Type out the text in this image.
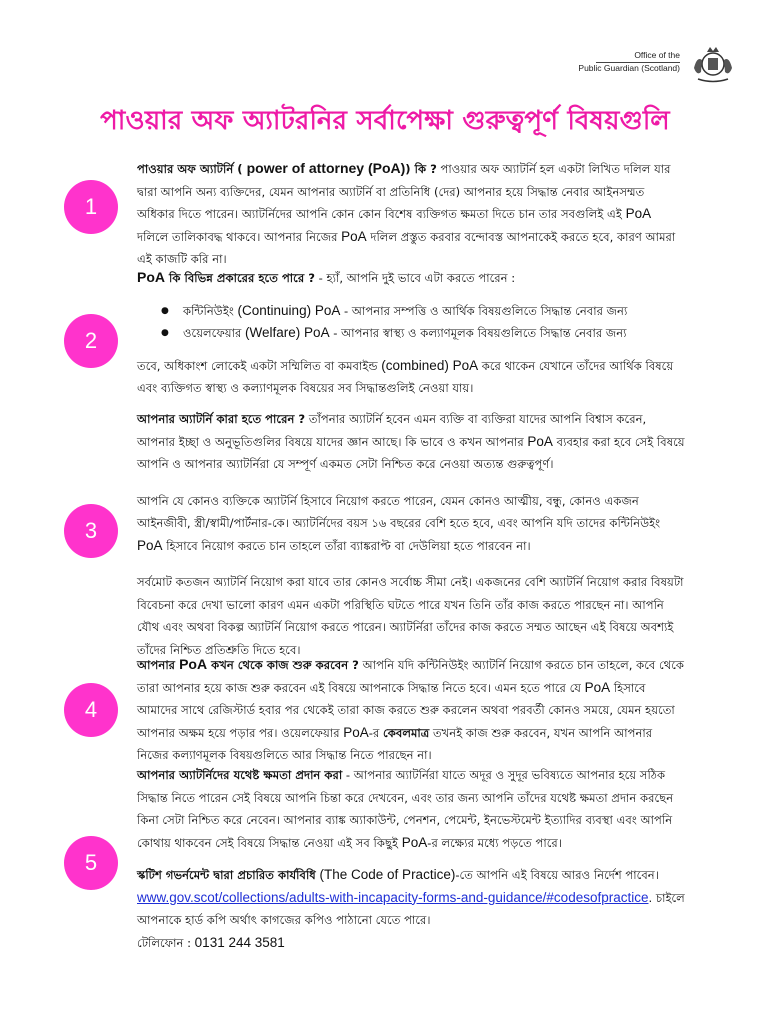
Office of the
Public Guardian (Scotland)
পাওয়ার অফ অ্যাটরনির সর্বাপেক্ষা গুরুত্বপূর্ণ বিষয়গুলি
1
2
3
4
5

পাওয়ার অফ অ্যাটর্নি ( power of attorney (PoA)) কি ? পাওয়ার অফ অ্যাটর্নি হল একটা লিখিত দলিল যার দ্বারা আপনি অন্য ব্যক্তিদের, যেমন আপনার অ্যাটর্নি বা প্রতিনিধি (দের) আপনার হয়ে সিদ্ধান্ত নেবার আইনসম্মত অধিকার দিতে পারেন। অ্যাটর্নিদের আপনি কোন কোন বিশেষ ব্যক্তিগত ক্ষমতা দিতে চান তার সবগুলিই এই PoA দলিলে তালিকাবদ্ধ থাকবে। আপনার নিজের PoA দলিল প্রস্তুত করবার বন্দোবস্ত আপনাকেই করতে হবে, কারণ আমরা এই কাজটি করি না।

PoA কি বিভিন্ন প্রকারের হতে পারে ? - হ্যাঁ, আপনি দুই ভাবে এটা করতে পারেন :

● কন্টিনিউইং (Continuing) PoA - আপনার সম্পত্তি ও আর্থিক বিষয়গুলিতে সিদ্ধান্ত নেবার জন্য
● ওয়েলফেয়ার (Welfare) PoA - আপনার স্বাস্থ্য ও কল্যাণমূলক বিষয়গুলিতে সিদ্ধান্ত নেবার জন্য

তবে, অধিকাংশ লোকেই একটা সম্মিলিত বা কমবাইন্ড (combined) PoA করে থাকেন যেখানে তাঁদের আর্থিক বিষয়ে এবং ব্যক্তিগত স্বাস্থ্য ও কল্যাণমূলক বিষয়ের সব সিদ্ধান্তগুলিই নেওয়া যায়।

আপনার অ্যাটর্নি কারা হতে পারেন ? তাঁপনার অ্যাটর্নি হবেন এমন ব্যক্তি বা ব্যক্তিরা যাদের আপনি বিশ্বাস করেন, আপনার ইচ্ছা ও অনুভূতিগুলির বিষয়ে যাদের জ্ঞান আছে। কি ভাবে ও কখন আপনার PoA ব্যবহার করা হবে সেই বিষয়ে আপনি ও আপনার অ্যাটর্নিরা যে সম্পূর্ণ একমত সেটা নিশ্চিত করে নেওয়া অত্যন্ত গুরুত্বপূর্ণ।

আপনি যে কোনও ব্যক্তিকে অ্যাটর্নি হিসাবে নিয়োগ করতে পারেন, যেমন কোনও আত্মীয়, বন্ধু, কোনও একজন আইনজীবী, স্ত্রী/স্বামী/পার্টনার-কে। অ্যাটর্নিদের বয়স ১৬ বছরের বেশি হতে হবে, এবং আপনি যদি তাদের কন্টিনিউইং PoA হিসাবে নিয়োগ করতে চান তাহলে তাঁরা ব্যাঙ্করাপ্ট বা দেউলিয়া হতে পারবেন না।

সর্বমোট কতজন অ্যাটর্নি নিয়োগ করা যাবে তার কোনও সর্বোচ্চ সীমা নেই। একজনের বেশি অ্যাটর্নি নিয়োগ করার বিষয়টা বিবেচনা করে দেখা ভালো কারণ এমন একটা পরিস্থিতি ঘটতে পারে যখন তিনি তাঁর কাজ করতে পারছেন না। আপনি যৌথ এবং অথবা বিকল্প অ্যাটর্নি নিয়োগ করতে পারেন। অ্যাটর্নিরা তাঁদের কাজ করতে সম্মত আছেন এই বিষয়ে অবশ্যই তাঁদের নিশ্চিত প্রতিশ্রুতি দিতে হবে।

আপনার PoA কখন থেকে কাজ শুরু করবেন ? আপনি যদি কন্টিনিউইং অ্যাটর্নি নিয়োগ করতে চান তাহলে, কবে থেকে তারা আপনার হয়ে কাজ শুরু করবেন এই বিষয়ে আপনাকে সিদ্ধান্ত নিতে হবে। এমন হতে পারে যে PoA হিসাবে আমাদের সাথে রেজিস্টার্ড হবার পর থেকেই তারা কাজ করতে শুরু করলেন অথবা পরবর্তী কোনও সময়ে, যেমন হয়তো আপনার অক্ষম হয়ে পড়ার পর। ওয়েলফেয়ার PoA-র কেবলমাত্র তখনই কাজ শুরু করবেন, যখন আপনি আপনার নিজের কল্যাণমূলক বিষয়গুলিতে আর সিদ্ধান্ত নিতে পারছেন না।

আপনার অ্যাটর্নিদের যথেষ্ট ক্ষমতা প্রদান করা - আপনার অ্যাটর্নিরা যাতে অদূর ও সুদূর ভবিষ্যতে আপনার হয়ে সঠিক সিদ্ধান্ত নিতে পারেন সেই বিষয়ে আপনি চিন্তা করে দেখবেন, এবং তার জন্য আপনি তাঁদের যথেষ্ট ক্ষমতা প্রদান করছেন কিনা সেটা নিশ্চিত করে নেবেন। আপনার ব্যাঙ্ক অ্যাকাউন্ট, পেনশন, পেমেন্ট, ইনভেস্টমেন্ট ইত্যাদির ব্যবস্থা এবং আপনি কোথায় থাকবেন সেই বিষয়ে সিদ্ধান্ত নেওয়া এই সব কিছুই PoA-র লক্ষ্যের মধ্যে পড়তে পারে।

স্কটিশ গভর্নমেন্ট দ্বারা প্রচারিত কার্যবিধি (The Code of Practice)-তে আপনি এই বিষয়ে আরও নির্দেশ পাবেন। www.gov.scot/collections/adults-with-incapacity-forms-and-guidance/#codesofpractice. চাইলে আপনাকে হার্ড কপি অর্থাৎ কাগজের কপিও পাঠানো যেতে পারে।

টেলিফোন : 0131 244 3581
